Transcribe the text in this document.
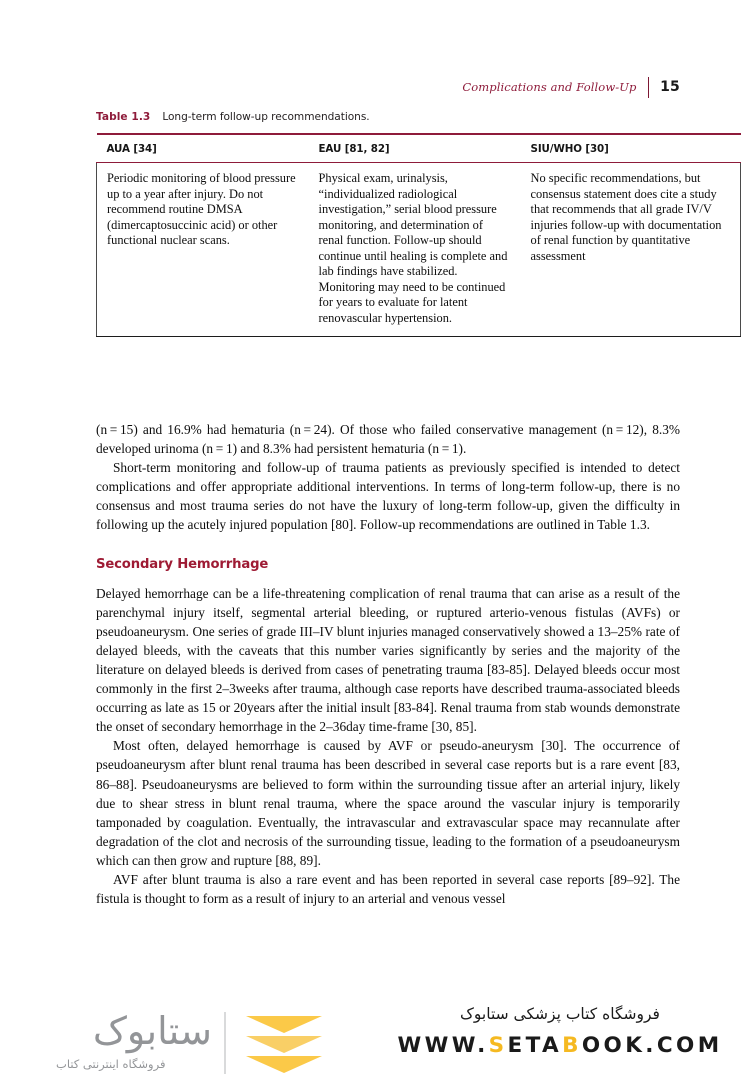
Complications and Follow-Up	15
Table 1.3 Long-term follow-up recommendations.
AUA [34]	EAU [81, 82]	SIU/WHO [30]
Periodic monitoring of blood pressure up to a year after injury. Do not recommend routine DMSA (dimercaptosuccinic acid) or other functional nuclear scans.	Physical exam, urinalysis, “individualized radiological investigation,” serial blood pressure monitoring, and determination of renal function. Follow-up should continue until healing is complete and lab findings have stabilized. Monitoring may need to be continued for years to evaluate for latent renovascular hypertension.	No specific recommendations, but consensus statement does cite a study that recommends that all grade IV/V injuries follow-up with documentation of renal function by quantitative assessment

(n = 15) and 16.9% had hematuria (n = 24). Of those who failed conservative management (n = 12), 8.3% developed urinoma (n = 1) and 8.3% had persistent hematuria (n = 1).

Short-term monitoring and follow-up of trauma patients as previously specified is intended to detect complications and offer appropriate additional interventions. In terms of long-term follow-up, there is no consensus and most trauma series do not have the luxury of long-term follow-up, given the difficulty in following up the acutely injured population [80]. Follow-up recommendations are outlined in Table 1.3.

Secondary Hemorrhage

Delayed hemorrhage can be a life-threatening complication of renal trauma that can arise as a result of the parenchymal injury itself, segmental arterial bleeding, or ruptured arterio-venous fistulas (AVFs) or pseudoaneurysm. One series of grade III–IV blunt injuries managed conservatively showed a 13–25% rate of delayed bleeds, with the caveats that this number varies significantly by series and the majority of the literature on delayed bleeds is derived from cases of penetrating trauma [83-85]. Delayed bleeds occur most commonly in the first 2–3weeks after trauma, although case reports have described trauma-associated bleeds occurring as late as 15 or 20years after the initial insult [83-84]. Renal trauma from stab wounds demonstrate the onset of secondary hemorrhage in the 2–36day time-frame [30, 85].

Most often, delayed hemorrhage is caused by AVF or pseudo-aneurysm [30]. The occurrence of pseudoaneurysm after blunt renal trauma has been described in several case reports but is a rare event [83, 86–88]. Pseudoaneurysms are believed to form within the surrounding tissue after an arterial injury, likely due to shear stress in blunt renal trauma, where the space around the vascular injury is temporarily tamponaded by coagulation. Eventually, the intravascular and extravascular space may recannulate after degradation of the clot and necrosis of the surrounding tissue, leading to the formation of a pseudoaneurysm which can then grow and rupture [88, 89].

AVF after blunt trauma is also a rare event and has been reported in several case reports [89–92]. The fistula is thought to form as a result of injury to an arterial and venous vessel

ستابوک
فروشگاه اینترنتی کتاب
فروشگاه کتاب پزشکی ستابوک
WWW.SETABOOK.COM
